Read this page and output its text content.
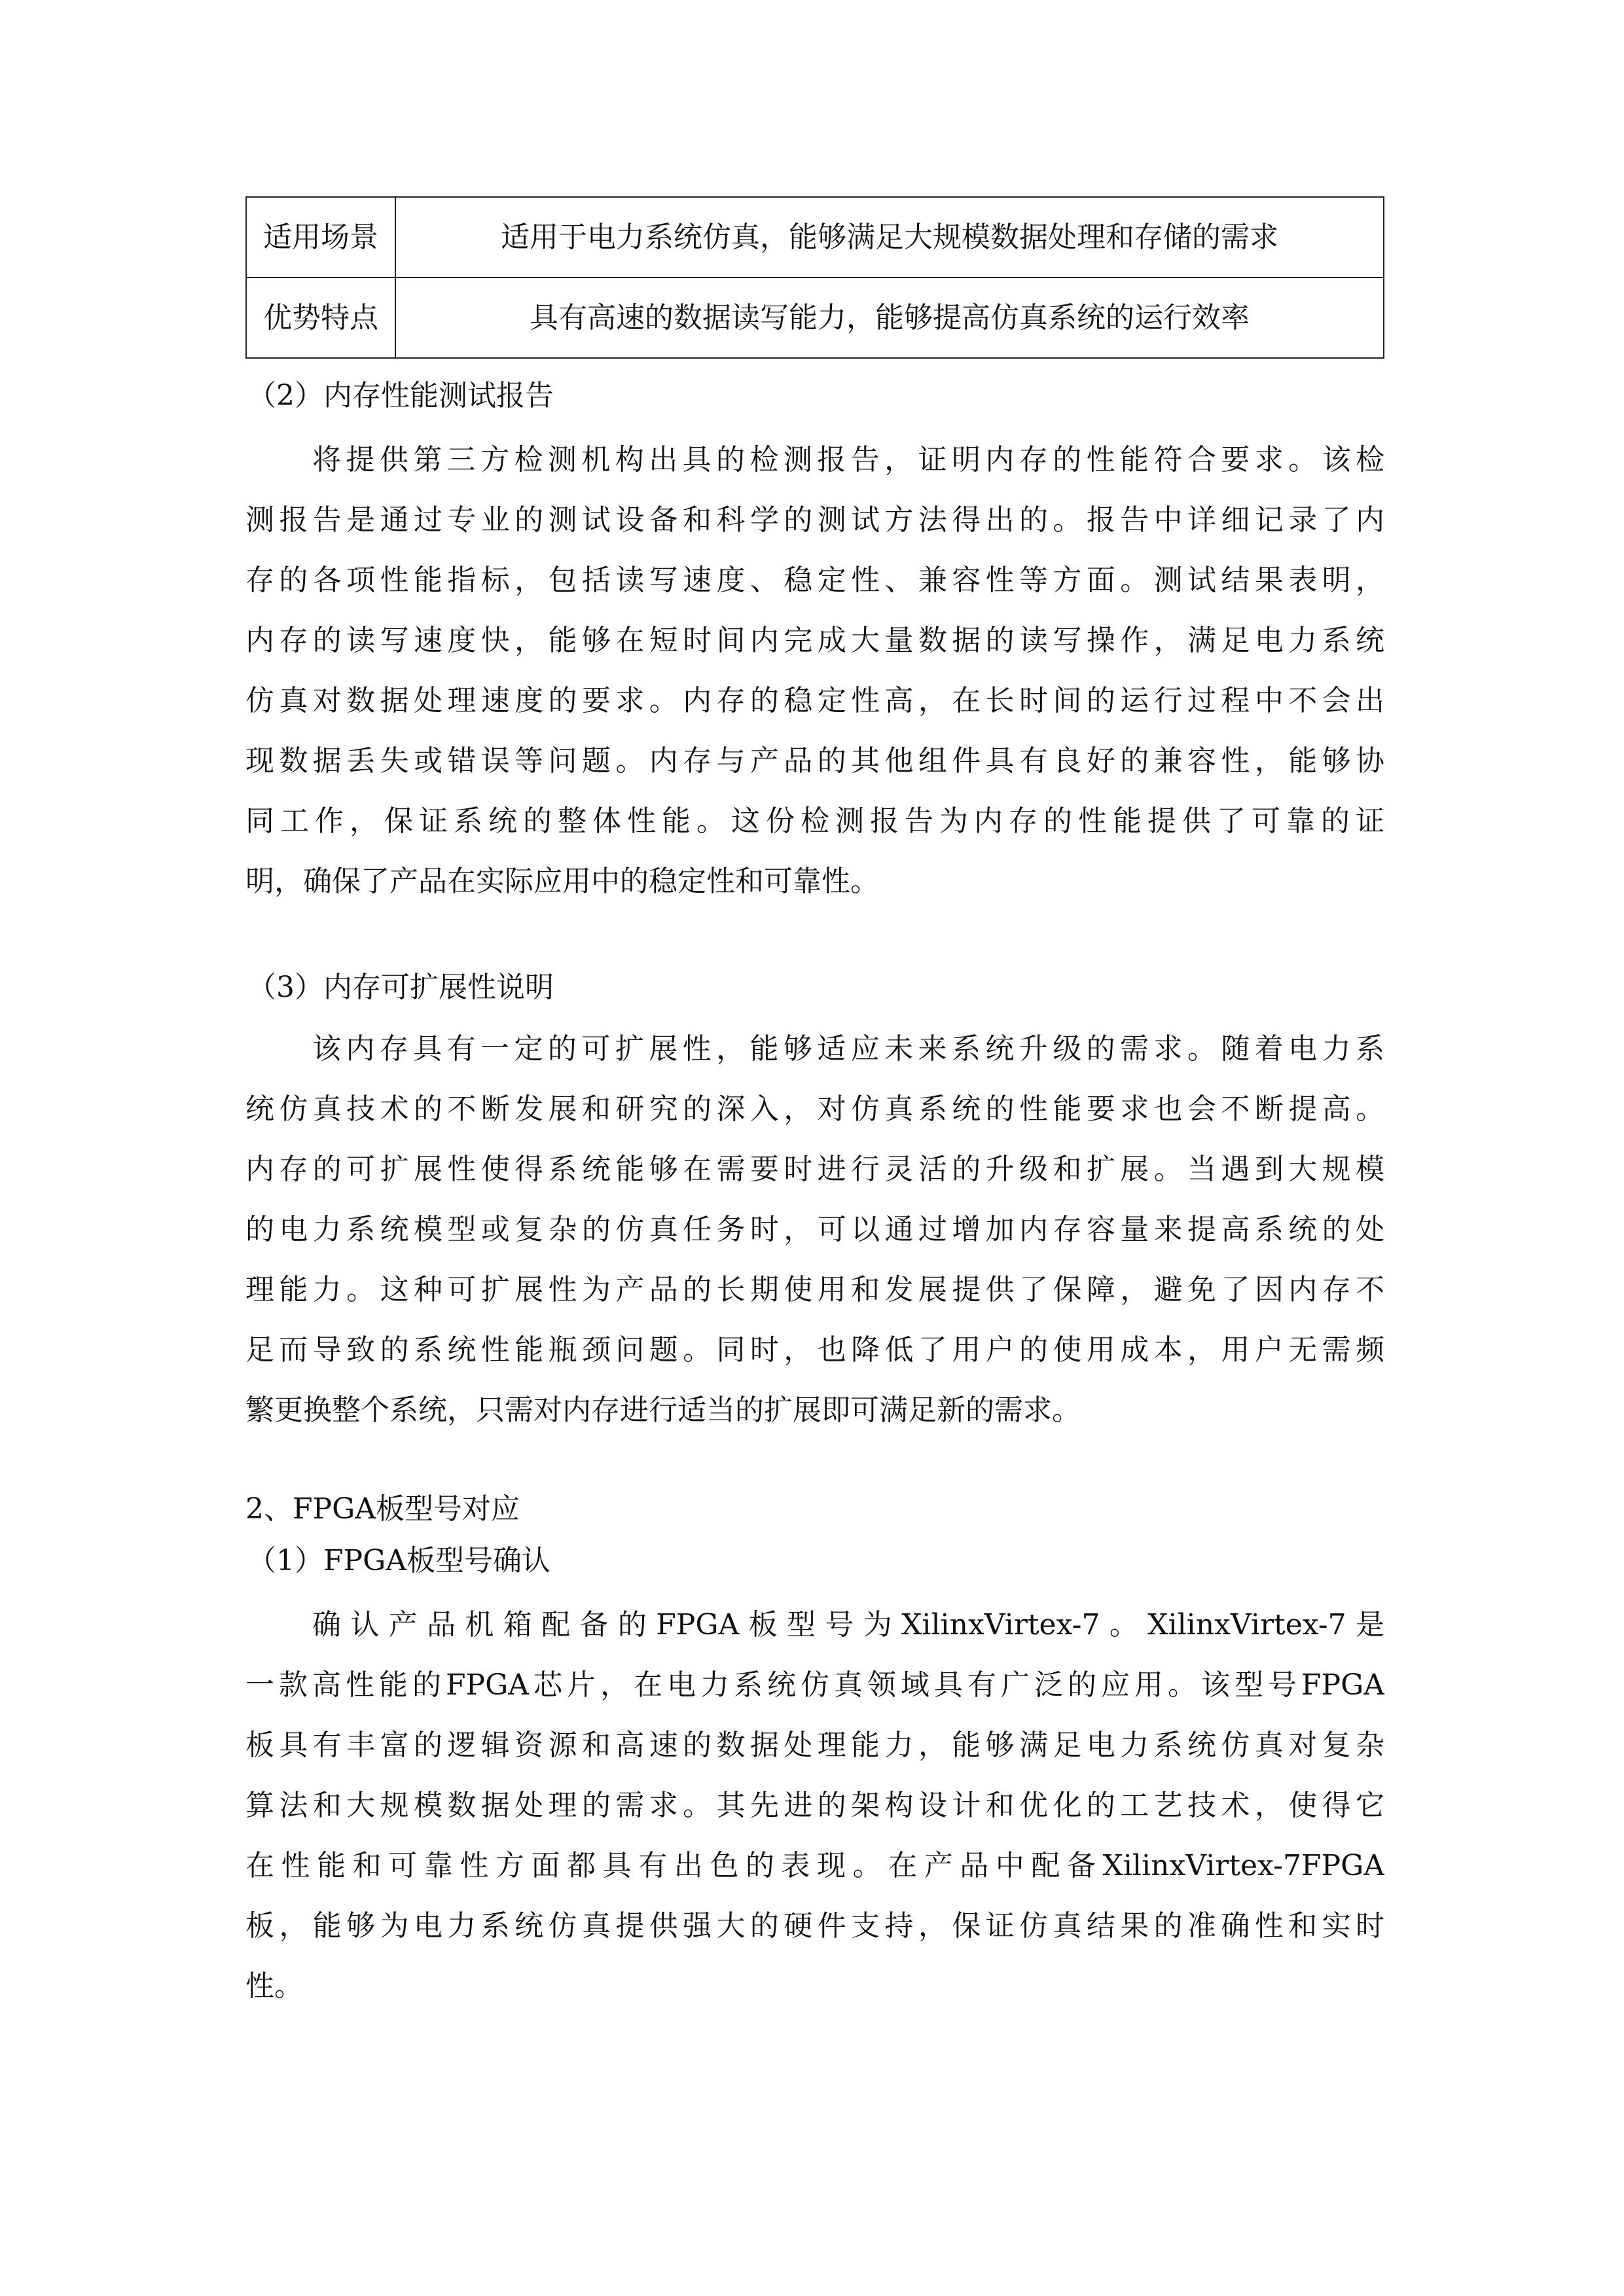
适用场景	适用于电力系统仿真，能够满足大规模数据处理和存储的需求
优势特点	具有高速的数据读写能力，能够提高仿真系统的运行效率
（2）内存性能测试报告
将提供第三方检测机构出具的检测报告，证明内存的性能符合要求。该检
测报告是通过专业的测试设备和科学的测试方法得出的。报告中详细记录了内
存的各项性能指标，包括读写速度、稳定性、兼容性等方面。测试结果表明，
内存的读写速度快，能够在短时间内完成大量数据的读写操作，满足电力系统
仿真对数据处理速度的要求。内存的稳定性高，在长时间的运行过程中不会出
现数据丢失或错误等问题。内存与产品的其他组件具有良好的兼容性，能够协
同工作，保证系统的整体性能。这份检测报告为内存的性能提供了可靠的证
明，确保了产品在实际应用中的稳定性和可靠性。
（3）内存可扩展性说明
该内存具有一定的可扩展性，能够适应未来系统升级的需求。随着电力系
统仿真技术的不断发展和研究的深入，对仿真系统的性能要求也会不断提高。
内存的可扩展性使得系统能够在需要时进行灵活的升级和扩展。当遇到大规模
的电力系统模型或复杂的仿真任务时，可以通过增加内存容量来提高系统的处
理能力。这种可扩展性为产品的长期使用和发展提供了保障，避免了因内存不
足而导致的系统性能瓶颈问题。同时，也降低了用户的使用成本，用户无需频
繁更换整个系统，只需对内存进行适当的扩展即可满足新的需求。
2、FPGA板型号对应
（1）FPGA板型号确认
确认产品机箱配备的FPGA板型号为XilinxVirtex-7。XilinxVirtex-7是
一款高性能的FPGA芯片，在电力系统仿真领域具有广泛的应用。该型号FPGA
板具有丰富的逻辑资源和高速的数据处理能力，能够满足电力系统仿真对复杂
算法和大规模数据处理的需求。其先进的架构设计和优化的工艺技术，使得它
在性能和可靠性方面都具有出色的表现。在产品中配备XilinxVirtex-7FPGA
板，能够为电力系统仿真提供强大的硬件支持，保证仿真结果的准确性和实时
性。
